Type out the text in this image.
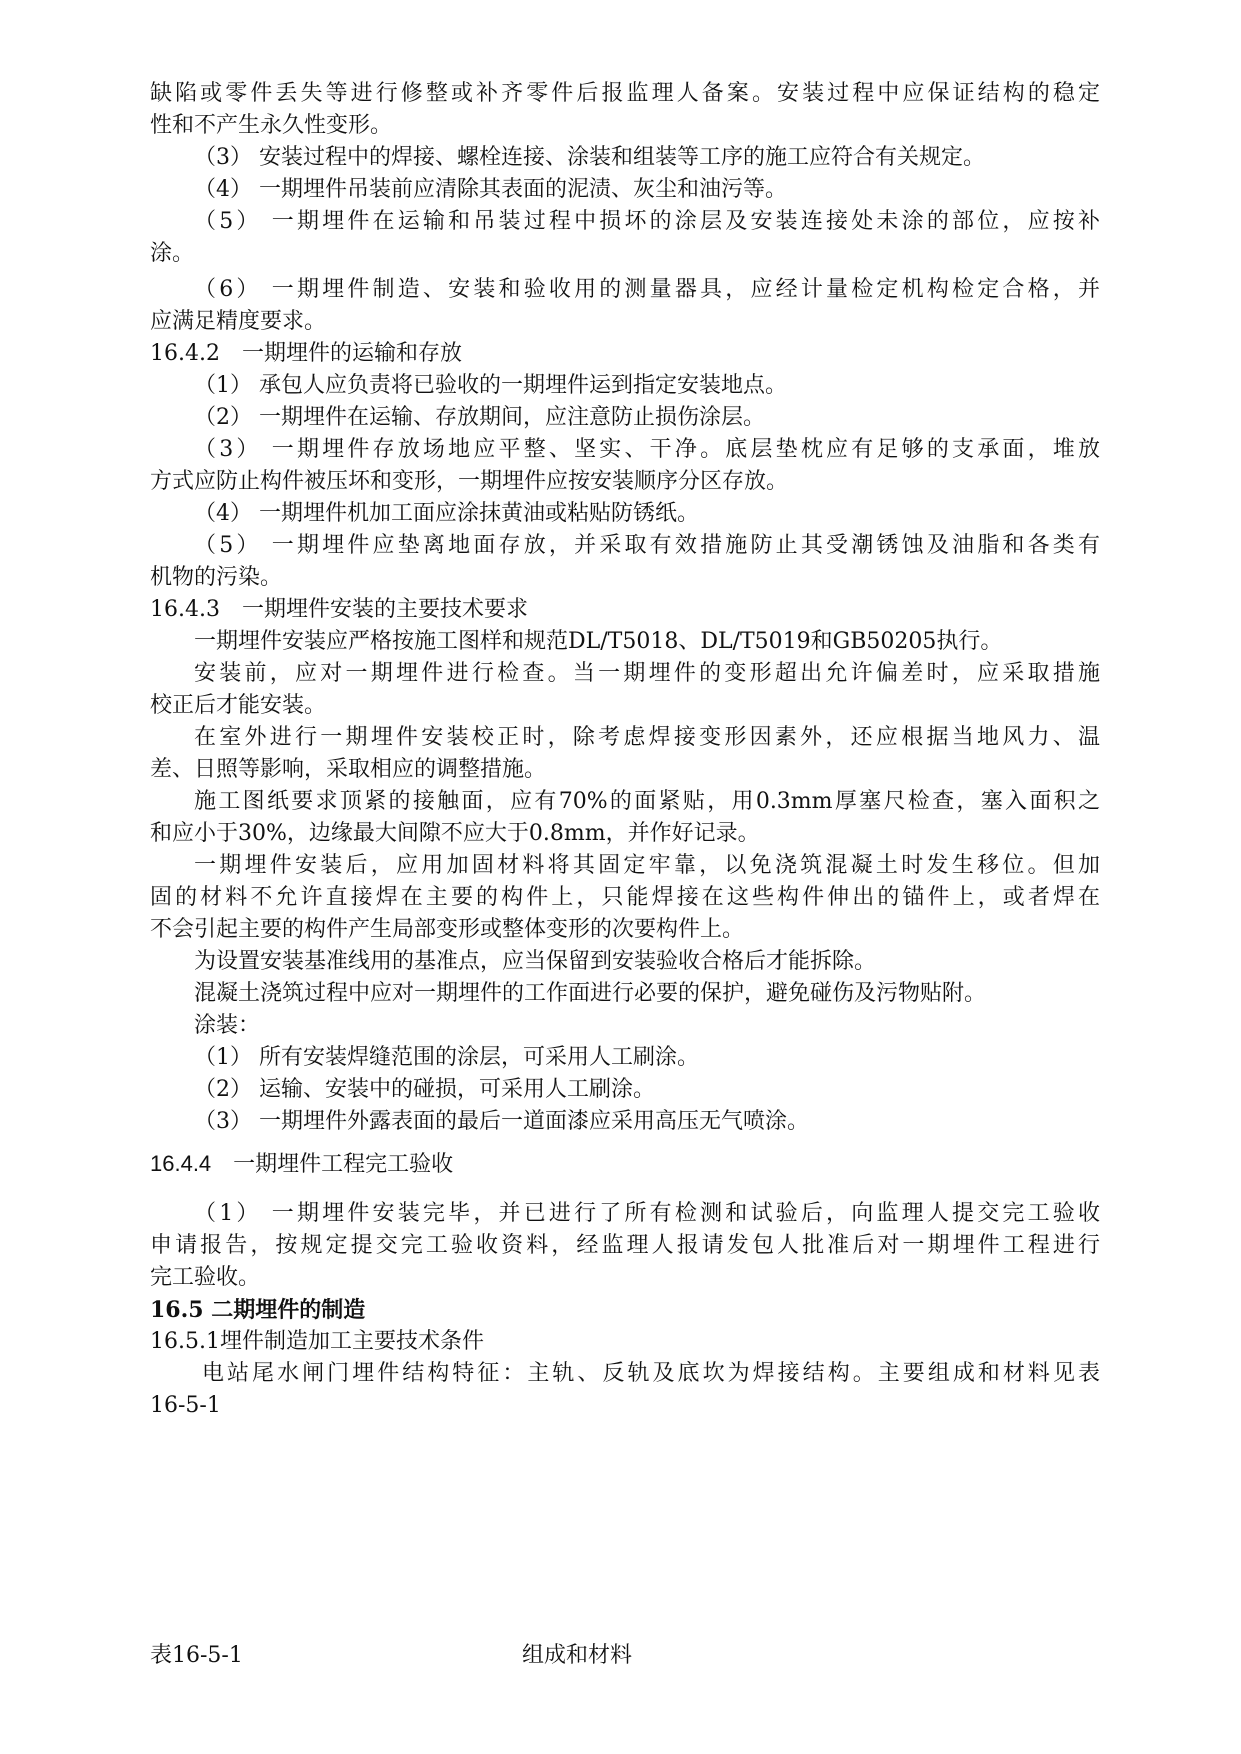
缺陷或零件丢失等进行修整或补齐零件后报监理人备案。安装过程中应保证结构的稳定
性和不产生永久性变形。
（3） 安装过程中的焊接、螺栓连接、涂装和组装等工序的施工应符合有关规定。
（4） 一期埋件吊装前应清除其表面的泥渍、灰尘和油污等。
（5） 一期埋件在运输和吊装过程中损坏的涂层及安装连接处未涂的部位，应按补
涂。
（6） 一期埋件制造、安装和验收用的测量器具，应经计量检定机构检定合格，并
应满足精度要求。
16.4.2　一期埋件的运输和存放
（1） 承包人应负责将已验收的一期埋件运到指定安装地点。
（2） 一期埋件在运输、存放期间，应注意防止损伤涂层。
（3） 一期埋件存放场地应平整、坚实、干净。底层垫枕应有足够的支承面，堆放
方式应防止构件被压坏和变形，一期埋件应按安装顺序分区存放。
（4） 一期埋件机加工面应涂抹黄油或粘贴防锈纸。
（5） 一期埋件应垫离地面存放，并采取有效措施防止其受潮锈蚀及油脂和各类有
机物的污染。
16.4.3　一期埋件安装的主要技术要求
一期埋件安装应严格按施工图样和规范DL/T5018、DL/T5019和GB50205执行。
安装前，应对一期埋件进行检查。当一期埋件的变形超出允许偏差时，应采取措施
校正后才能安装。
在室外进行一期埋件安装校正时，除考虑焊接变形因素外，还应根据当地风力、温
差、日照等影响，采取相应的调整措施。
施工图纸要求顶紧的接触面，应有70%的面紧贴，用0.3mm厚塞尺检查，塞入面积之
和应小于30%，边缘最大间隙不应大于0.8mm，并作好记录。
一期埋件安装后，应用加固材料将其固定牢靠，以免浇筑混凝土时发生移位。但加
固的材料不允许直接焊在主要的构件上，只能焊接在这些构件伸出的锚件上，或者焊在
不会引起主要的构件产生局部变形或整体变形的次要构件上。
为设置安装基准线用的基准点，应当保留到安装验收合格后才能拆除。
混凝土浇筑过程中应对一期埋件的工作面进行必要的保护，避免碰伤及污物贴附。
涂装：
（1） 所有安装焊缝范围的涂层，可采用人工刷涂。
（2） 运输、安装中的碰损，可采用人工刷涂。
（3） 一期埋件外露表面的最后一道面漆应采用高压无气喷涂。
16.4.4　一期埋件工程完工验收
（1） 一期埋件安装完毕，并已进行了所有检测和试验后，向监理人提交完工验收
申请报告，按规定提交完工验收资料，经监理人报请发包人批准后对一期埋件工程进行
完工验收。
16.5 二期埋件的制造
16.5.1埋件制造加工主要技术条件
电站尾水闸门埋件结构特征：主轨、反轨及底坎为焊接结构。主要组成和材料见表
16-5-1
表16-5-1	组成和材料
